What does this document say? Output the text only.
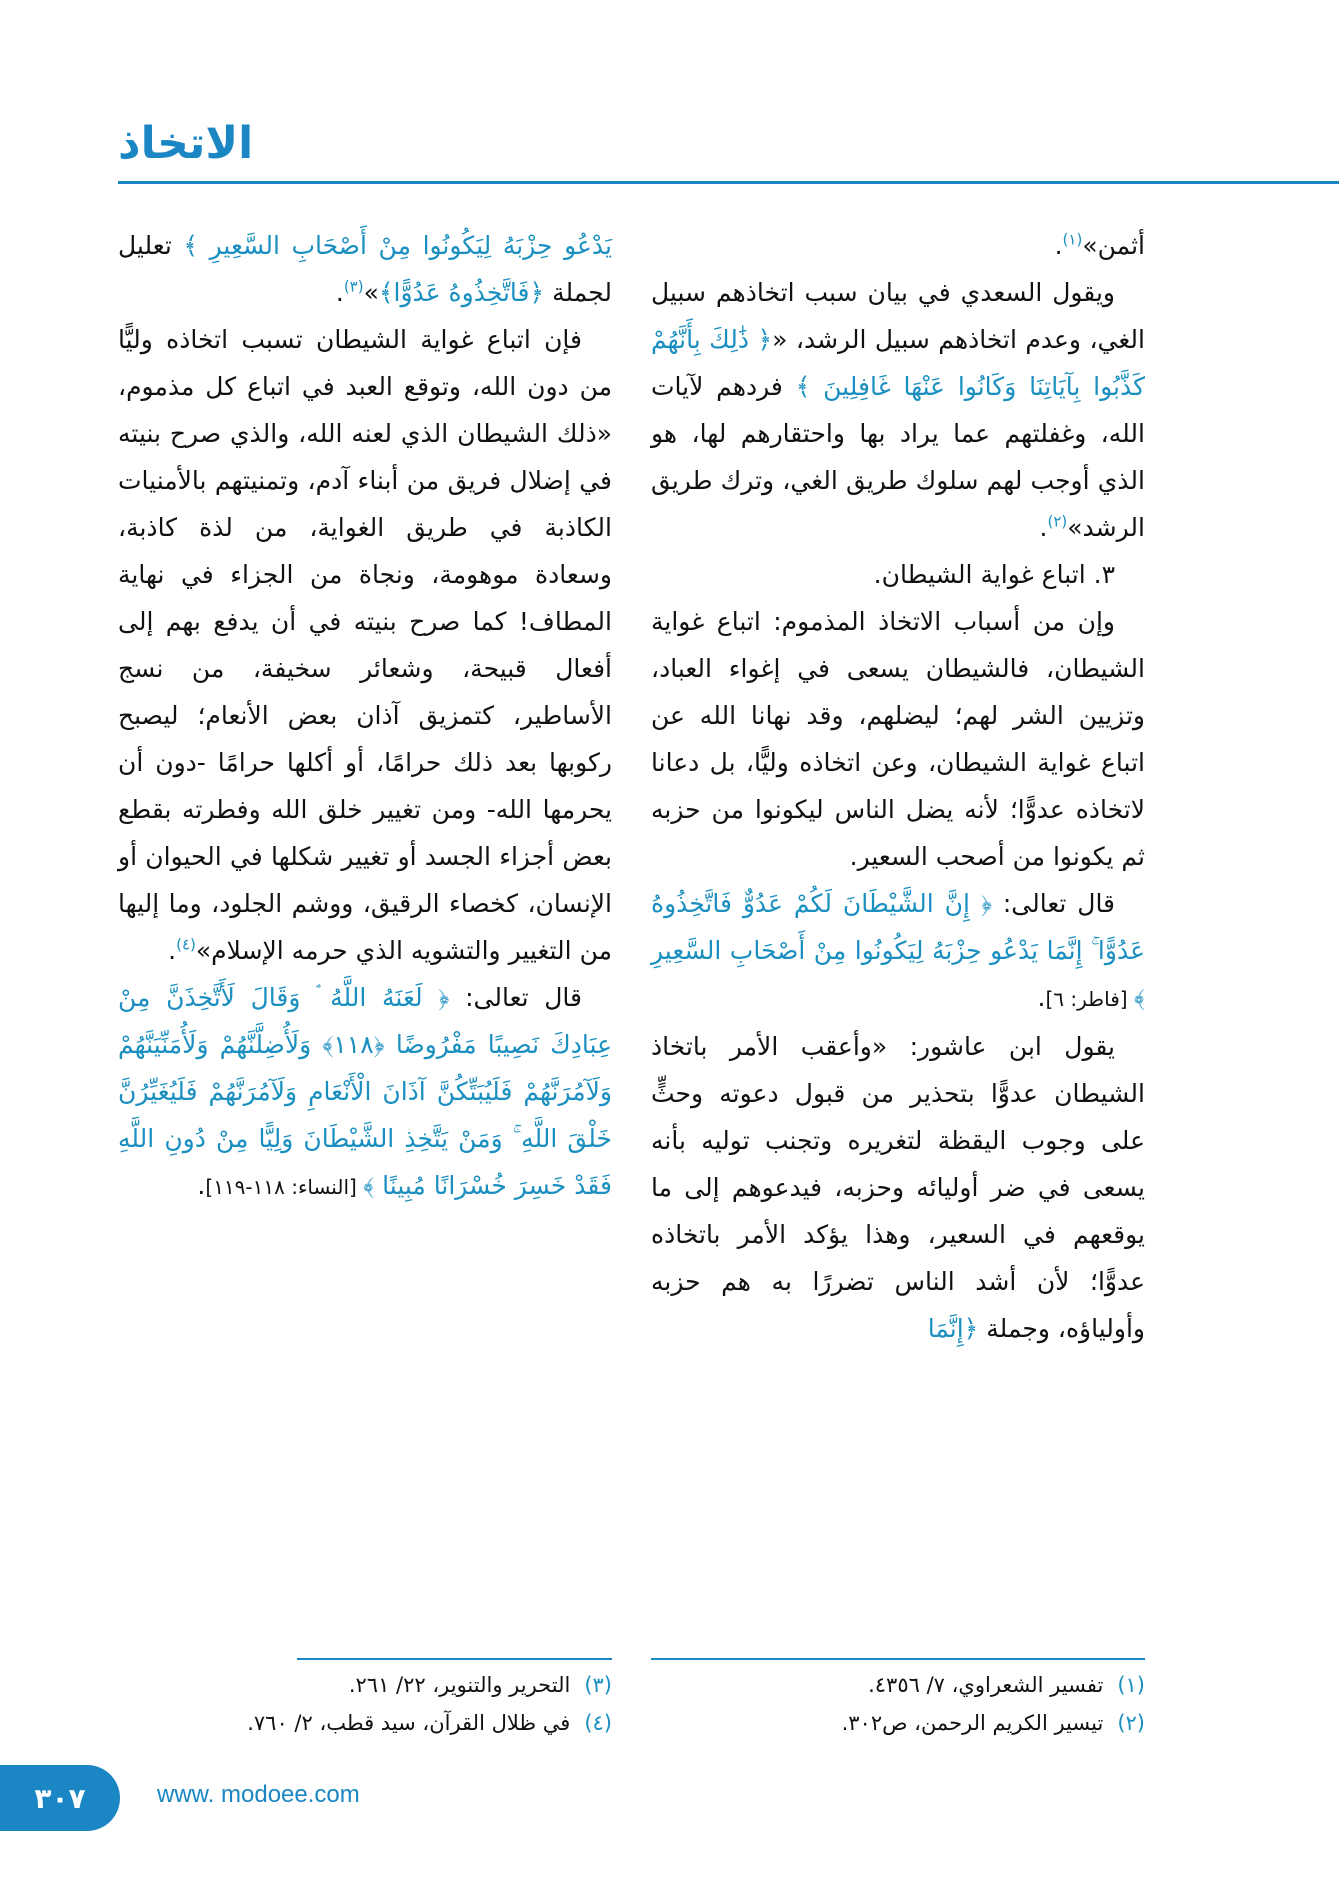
الاتخاذ

أثمن»$^{(١)}$.

ويقول السعدي في بيان سبب اتخاذهم سبيل الغي، وعدم اتخاذهم سبيل الرشد، «﴿ ذَٰلِكَ بِأَنَّهُمْ كَذَّبُوا بِآيَاتِنَا وَكَانُوا عَنْهَا غَافِلِينَ ﴾ فردهم لآيات الله، وغفلتهم عما يراد بها واحتقارهم لها، هو الذي أوجب لهم سلوك طريق الغي، وترك طريق الرشد»$^{(٢)}$.

٣. اتباع غواية الشيطان.

وإن من أسباب الاتخاذ المذموم: اتباع غواية الشيطان، فالشيطان يسعى في إغواء العباد، وتزيين الشر لهم؛ ليضلهم، وقد نهانا الله عن اتباع غواية الشيطان، وعن اتخاذه وليًّا، بل دعانا لاتخاذه عدوًّا؛ لأنه يضل الناس ليكونوا من حزبه ثم يكونوا من أصحب السعير.

قال تعالى: ﴿ إِنَّ الشَّيْطَانَ لَكُمْ عَدُوٌّ فَاتَّخِذُوهُ عَدُوًّا ۚ إِنَّمَا يَدْعُو حِزْبَهُ لِيَكُونُوا مِنْ أَصْحَابِ السَّعِيرِ ﴾ [فاطر: ٦].

يقول ابن عاشور: «وأعقب الأمر باتخاذ الشيطان عدوًّا بتحذير من قبول دعوته وحثٍّ على وجوب اليقظة لتغريره وتجنب توليه بأنه يسعى في ضر أوليائه وحزبه، فيدعوهم إلى ما يوقعهم في السعير، وهذا يؤكد الأمر باتخاذه عدوًّا؛ لأن أشد الناس تضررًا به هم حزبه وأولياؤه، وجملة ﴿إِنَّمَا

(١)تفسير الشعراوي، ٧/ ٤٣٥٦.
(٢)تيسير الكريم الرحمن، ص٣٠٢.

يَدْعُو حِزْبَهُ لِيَكُونُوا مِنْ أَصْحَابِ السَّعِيرِ ﴾ تعليل لجملة ﴿فَاتَّخِذُوهُ عَدُوًّا﴾»$^{(٣)}$.

فإن اتباع غواية الشيطان تسبب اتخاذه وليًّا من دون الله، وتوقع العبد في اتباع كل مذموم، «ذلك الشيطان الذي لعنه الله، والذي صرح بنيته في إضلال فريق من أبناء آدم، وتمنيتهم بالأمنيات الكاذبة في طريق الغواية، من لذة كاذبة، وسعادة موهومة، ونجاة من الجزاء في نهاية المطاف! كما صرح بنيته في أن يدفع بهم إلى أفعال قبيحة، وشعائر سخيفة، من نسج الأساطير، كتمزيق آذان بعض الأنعام؛ ليصبح ركوبها بعد ذلك حرامًا، أو أكلها حرامًا -دون أن يحرمها الله- ومن تغيير خلق الله وفطرته بقطع بعض أجزاء الجسد أو تغيير شكلها في الحيوان أو الإنسان، كخصاء الرقيق، ووشم الجلود، وما إليها من التغيير والتشويه الذي حرمه الإسلام»$^{(٤)}$.

قال تعالى: ﴿ لَعَنَهُ اللَّهُ ۘ وَقَالَ لَأَتَّخِذَنَّ مِنْ عِبَادِكَ نَصِيبًا مَفْرُوضًا ﴿١١٨﴾ وَلَأُضِلَّنَّهُمْ وَلَأُمَنِّيَنَّهُمْ وَلَآمُرَنَّهُمْ فَلَيُبَتِّكُنَّ آذَانَ الْأَنْعَامِ وَلَآمُرَنَّهُمْ فَلَيُغَيِّرُنَّ خَلْقَ اللَّهِ ۚ وَمَنْ يَتَّخِذِ الشَّيْطَانَ وَلِيًّا مِنْ دُونِ اللَّهِ فَقَدْ خَسِرَ خُسْرَانًا مُبِينًا ﴾ [النساء: ١١٨-١١٩].

(٣)التحرير والتنوير، ٢٢/ ٢٦١.
(٤)في ظلال القرآن، سيد قطب، ٢/ ٧٦٠.
٣٠٧	www. modoee.com
